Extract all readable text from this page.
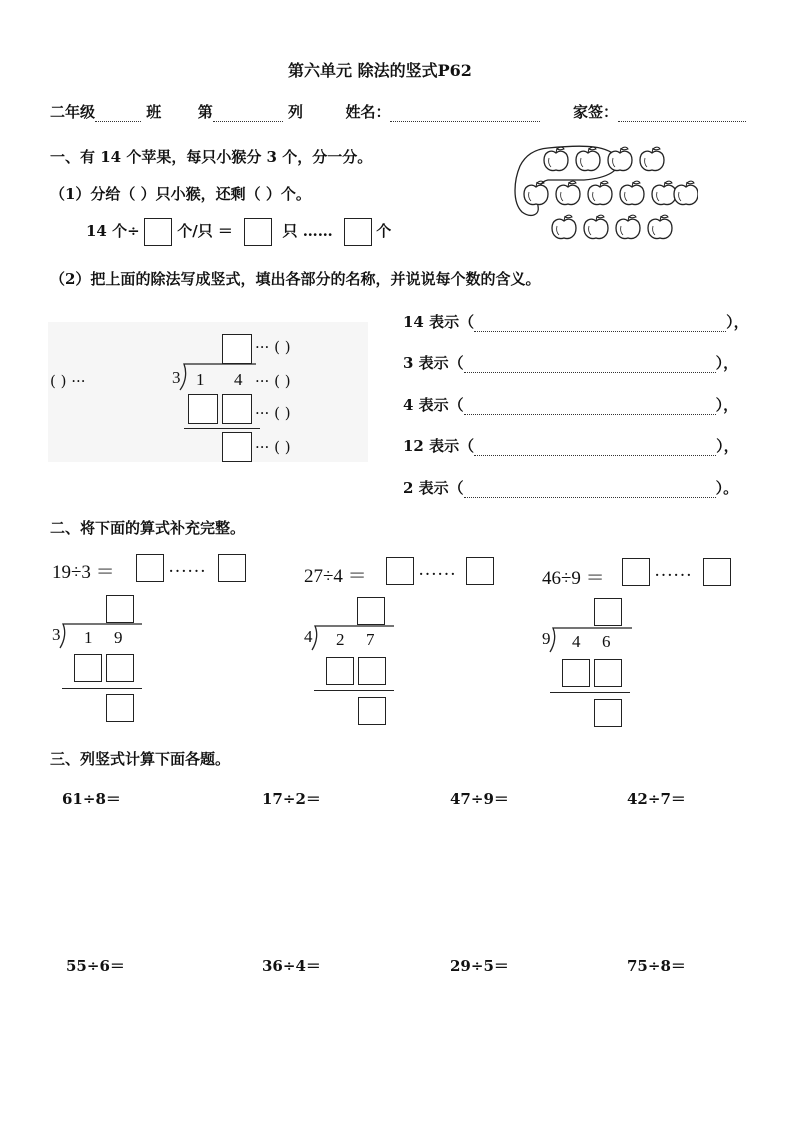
第六单元 除法的竖式P62
二年级	班 第	列	姓名：	家签：
一、有 14 个苹果，每只小猴分 3 个，分一分。
（1）分给（ ）只小猴，还剩（ ）个。
14 个÷	个/只 ＝	只 ……	个
（2）把上面的除法写成竖式，填出各部分的名称，并说说每个数的含义。
··· ( )
( ) ···	3 1 4 ··· ( )
··· ( )
··· ( )
14 表示（	），
3 表示（	），
4 表示（	），
12 表示（	），
2 表示（	）。
二、将下面的算式补充完整。
19÷3 ＝	……
3 1 9
27÷4 ＝	……
4 2 7
46÷9 ＝	……
9 4 6
三、列竖式计算下面各题。
61÷8＝	17÷2＝	47÷9＝	42÷7＝
55÷6＝	36÷4＝	29÷5＝	75÷8＝
